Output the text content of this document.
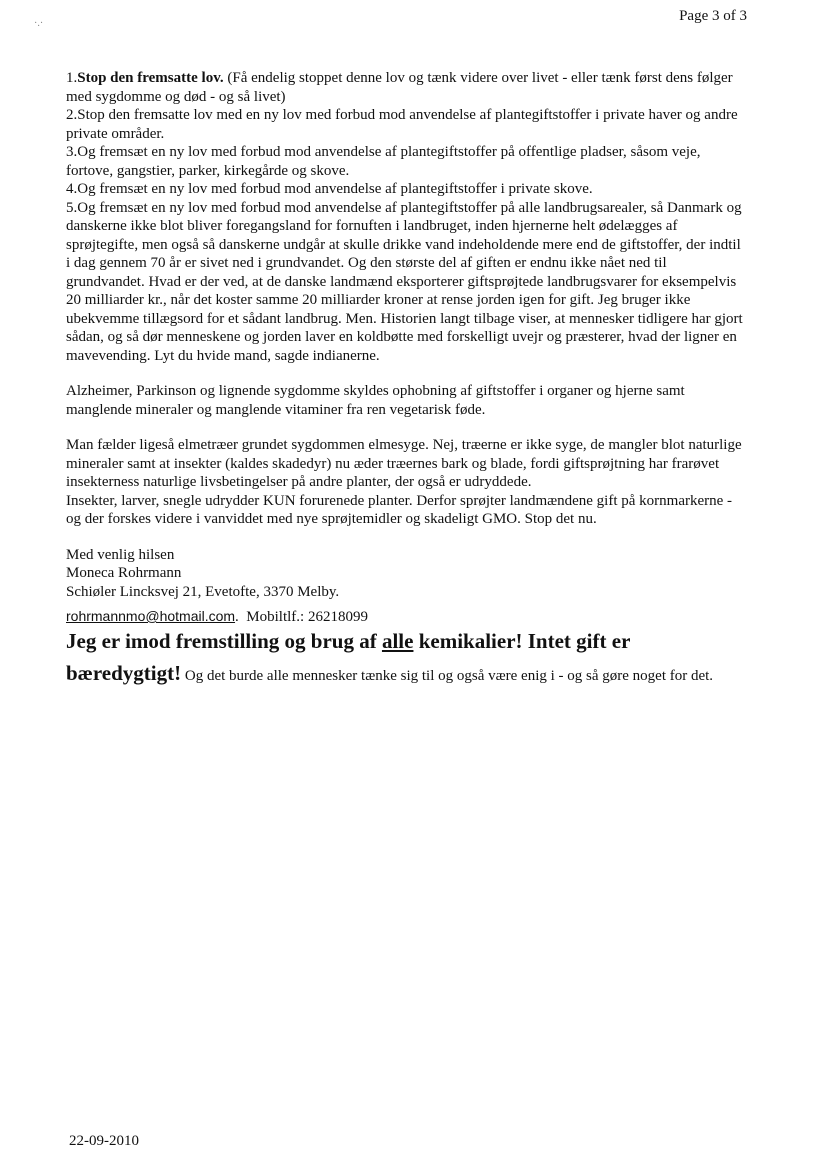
·.·	Page 3 of 3

1.Stop den fremsatte lov. (Få endelig stoppet denne lov og tænk videre over livet - eller tænk først dens følger med sygdomme og død - og så livet)

2.Stop den fremsatte lov med en ny lov med forbud mod anvendelse af plantegiftstoffer i private haver og andre private områder.

3.Og fremsæt en ny lov med forbud mod anvendelse af plantegiftstoffer på offentlige pladser, såsom veje, fortove, gangstier, parker, kirkegårde og skove.

4.Og fremsæt en ny lov med forbud mod anvendelse af plantegiftstoffer i private skove.

5.Og fremsæt en ny lov med forbud mod anvendelse af plantegiftstoffer på alle landbrugsarealer, så Danmark og danskerne ikke blot bliver foregangsland for fornuften i landbruget, inden hjernerne helt ødelægges af sprøjtegifte, men også så danskerne undgår at skulle drikke vand indeholdende mere end de giftstoffer, der indtil i dag gennem 70 år er sivet ned i grundvandet. Og den største del af giften er endnu ikke nået ned til grundvandet. Hvad er der ved, at de danske landmænd eksporterer giftsprøjtede landbrugsvarer for eksempelvis 20 milliarder kr., når det koster samme 20 milliarder kroner at rense jorden igen for gift. Jeg bruger ikke ubekvemme tillægsord for et sådant landbrug. Men. Historien langt tilbage viser, at mennesker tidligere har gjort sådan, og så dør menneskene og jorden laver en koldbøtte med forskelligt uvejr og præsterer, hvad der ligner en mavevending. Lyt du hvide mand, sagde indianerne.

Alzheimer, Parkinson og lignende sygdomme skyldes ophobning af giftstoffer i organer og hjerne samt manglende mineraler og manglende vitaminer fra ren vegetarisk føde.

Man fælder ligeså elmetræer grundet sygdommen elmesyge. Nej, træerne er ikke syge, de mangler blot naturlige mineraler samt at insekter (kaldes skadedyr) nu æder træernes bark og blade, fordi giftsprøjtning har frarøvet insekterness naturlige livsbetingelser på andre planter, der også er udryddede.

Insekter, larver, snegle udrydder KUN forurenede planter. Derfor sprøjter landmændene gift på kornmarkerne - og der forskes videre i vanviddet med nye sprøjtemidler og skadeligt GMO. Stop det nu.

Med venlig hilsen

Moneca Rohrmann

Schiøler Lincksvej 21, Evetofte, 3370 Melby.

rohrmannmo@hotmail.com. Mobiltlf.: 26218099

Jeg er imod fremstilling og brug af alle kemikalier! Intet gift er bæredygtigt! Og det burde alle mennesker tænke sig til og også være enig i - og så gøre noget for det.

22-09-2010
